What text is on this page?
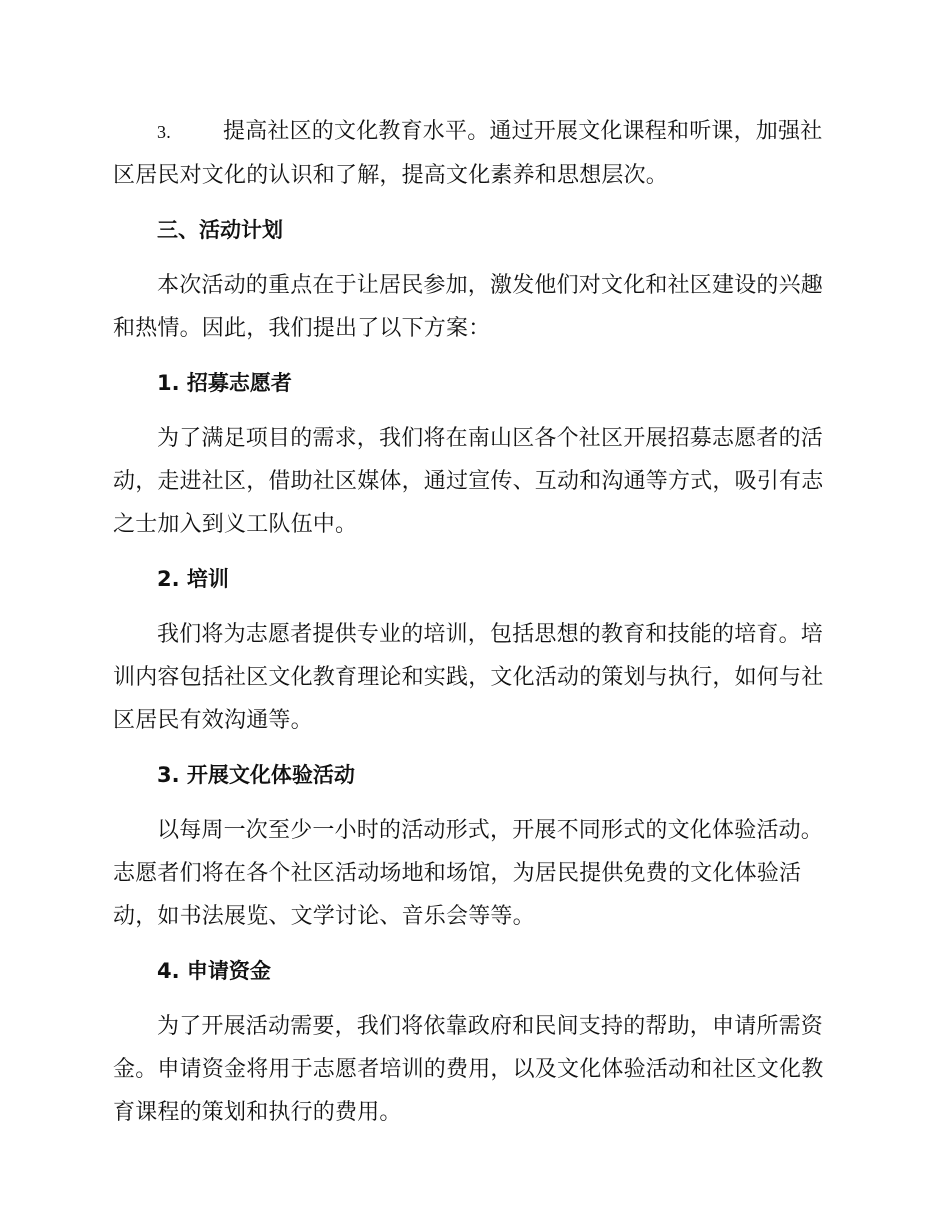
3. 提高社区的文化教育水平。通过开展文化课程和听课，加强社区居民对文化的认识和了解，提高文化素养和思想层次。

三、活动计划

本次活动的重点在于让居民参加，激发他们对文化和社区建设的兴趣和热情。因此，我们提出了以下方案：

1. 招募志愿者

为了满足项目的需求，我们将在南山区各个社区开展招募志愿者的活动，走进社区，借助社区媒体，通过宣传、互动和沟通等方式，吸引有志之士加入到义工队伍中。

2. 培训

我们将为志愿者提供专业的培训，包括思想的教育和技能的培育。培训内容包括社区文化教育理论和实践，文化活动的策划与执行，如何与社区居民有效沟通等。

3. 开展文化体验活动

以每周一次至少一小时的活动形式，开展不同形式的文化体验活动。志愿者们将在各个社区活动场地和场馆，为居民提供免费的文化体验活动，如书法展览、文学讨论、音乐会等等。

4. 申请资金

为了开展活动需要，我们将依靠政府和民间支持的帮助，申请所需资金。申请资金将用于志愿者培训的费用，以及文化体验活动和社区文化教育课程的策划和执行的费用。
